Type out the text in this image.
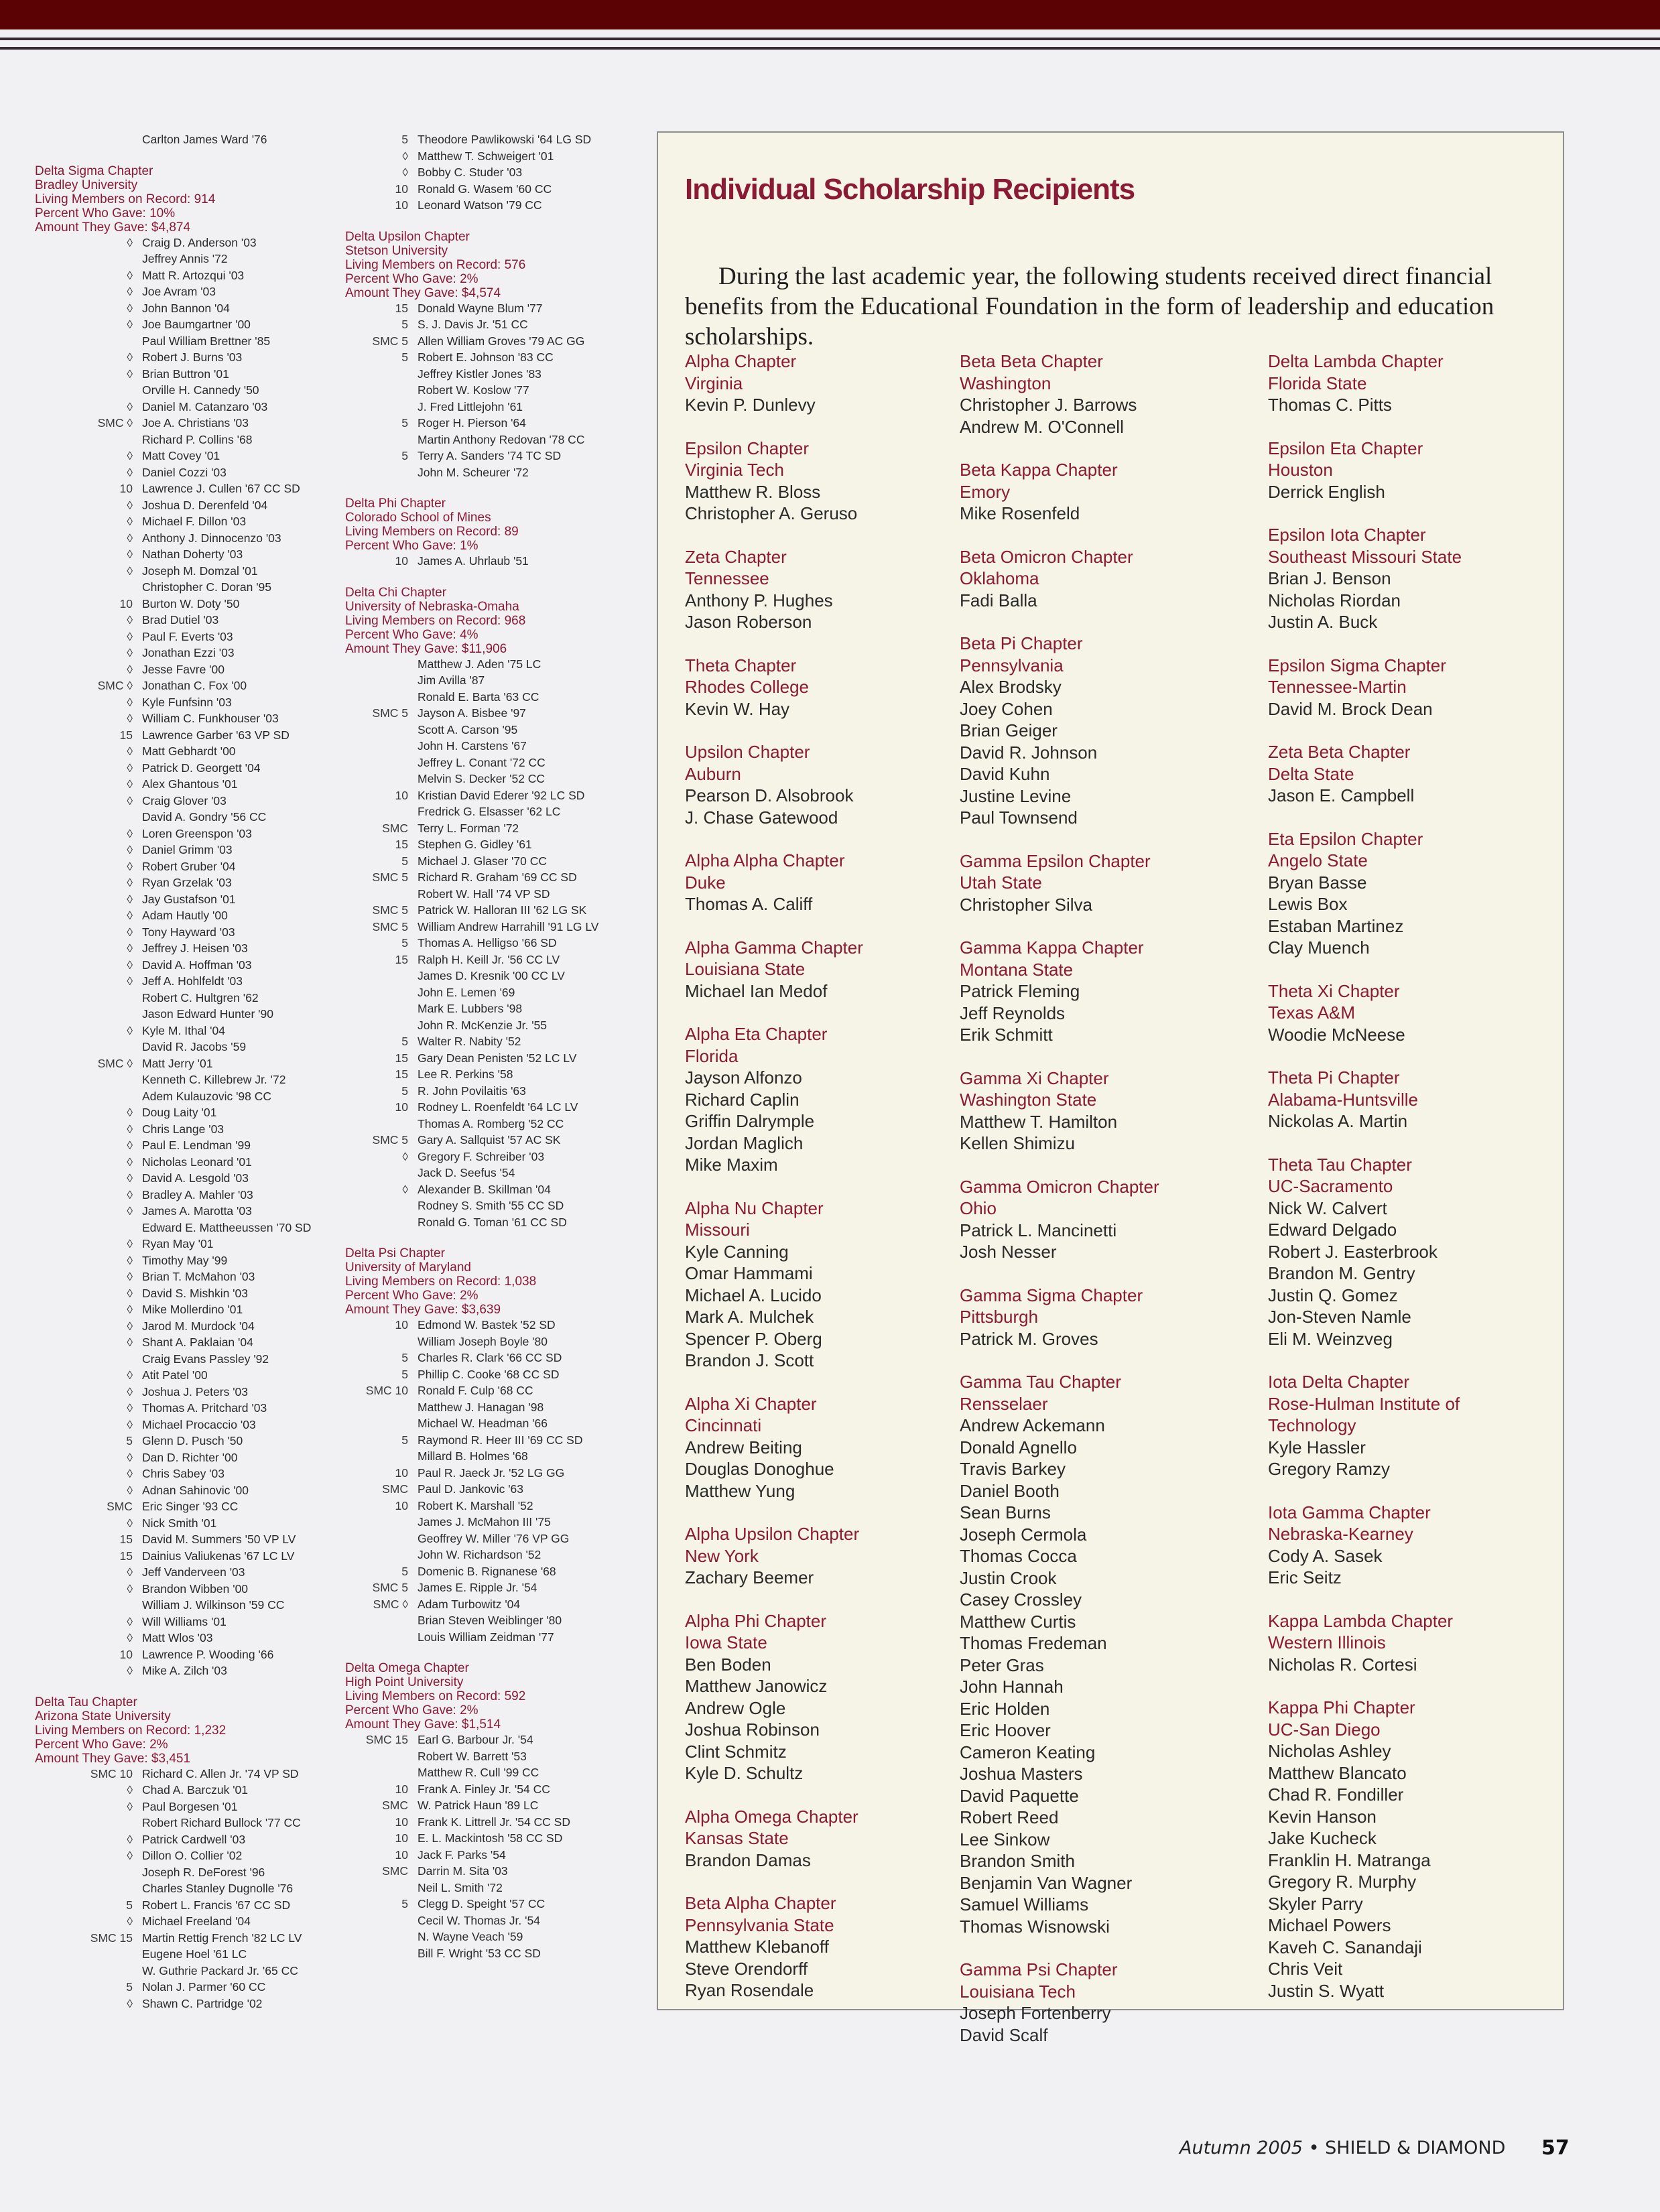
Carlton James Ward '76
Delta Sigma Chapter
Bradley University
Living Members on Record: 914
Percent Who Gave: 10%
Amount They Gave: $4,874
◊ Craig D. Anderson '03
Jeffrey Annis '72
◊ Matt R. Artozqui '03
◊ Joe Avram '03
◊ John Bannon '04
◊ Joe Baumgartner '00
Paul William Brettner '85
◊ Robert J. Burns '03
◊ Brian Buttron '01
Orville H. Cannedy '50
◊ Daniel M. Catanzaro '03
SMC ◊ Joe A. Christians '03
Richard P. Collins '68
◊ Matt Covey '01
◊ Daniel Cozzi '03
10 Lawrence J. Cullen '67 CC SD
◊ Joshua D. Derenfeld '04
◊ Michael F. Dillon '03
◊ Anthony J. Dinnocenzo '03
◊ Nathan Doherty '03
◊ Joseph M. Domzal '01
Christopher C. Doran '95
10 Burton W. Doty '50
◊ Brad Dutiel '03
◊ Paul F. Everts '03
◊ Jonathan Ezzi '03
◊ Jesse Favre '00
SMC ◊ Jonathan C. Fox '00
◊ Kyle Funfsinn '03
◊ William C. Funkhouser '03
15 Lawrence Garber '63 VP SD
◊ Matt Gebhardt '00
◊ Patrick D. Georgett '04
◊ Alex Ghantous '01
◊ Craig Glover '03
David A. Gondry '56 CC
◊ Loren Greenspon '03
◊ Daniel Grimm '03
◊ Robert Gruber '04
◊ Ryan Grzelak '03
◊ Jay Gustafson '01
◊ Adam Hautly '00
◊ Tony Hayward '03
◊ Jeffrey J. Heisen '03
◊ David A. Hoffman '03
◊ Jeff A. Hohlfeldt '03
Robert C. Hultgren '62
Jason Edward Hunter '90
◊ Kyle M. Ithal '04
David R. Jacobs '59
SMC ◊ Matt Jerry '01
Kenneth C. Killebrew Jr. '72
Adem Kulauzovic '98 CC
◊ Doug Laity '01
◊ Chris Lange '03
◊ Paul E. Lendman '99
◊ Nicholas Leonard '01
◊ David A. Lesgold '03
◊ Bradley A. Mahler '03
◊ James A. Marotta '03
Edward E. Mattheeussen '70 SD
◊ Ryan May '01
◊ Timothy May '99
◊ Brian T. McMahon '03
◊ David S. Mishkin '03
◊ Mike Mollerdino '01
◊ Jarod M. Murdock '04
◊ Shant A. Paklaian '04
Craig Evans Passley '92
◊ Atit Patel '00
◊ Joshua J. Peters '03
◊ Thomas A. Pritchard '03
◊ Michael Procaccio '03
5 Glenn D. Pusch '50
◊ Dan D. Richter '00
◊ Chris Sabey '03
◊ Adnan Sahinovic '00
SMC Eric Singer '93 CC
◊ Nick Smith '01
15 David M. Summers '50 VP LV
15 Dainius Valiukenas '67 LC LV
◊ Jeff Vanderveen '03
◊ Brandon Wibben '00
William J. Wilkinson '59 CC
◊ Will Williams '01
◊ Matt Wlos '03
10 Lawrence P. Wooding '66
◊ Mike A. Zilch '03
Delta Tau Chapter
Arizona State University
Living Members on Record: 1,232
Percent Who Gave: 2%
Amount They Gave: $3,451
SMC 10 Richard C. Allen Jr. '74 VP SD
◊ Chad A. Barczuk '01
◊ Paul Borgesen '01
Robert Richard Bullock '77 CC
◊ Patrick Cardwell '03
◊ Dillon O. Collier '02
Joseph R. DeForest '96
Charles Stanley Dugnolle '76
5 Robert L. Francis '67 CC SD
◊ Michael Freeland '04
SMC 15 Martin Rettig French '82 LC LV
Eugene Hoel '61 LC
W. Guthrie Packard Jr. '65 CC
5 Nolan J. Parmer '60 CC
◊ Shawn C. Partridge '02
5 Theodore Pawlikowski '64 LG SD
◊ Matthew T. Schweigert '01
◊ Bobby C. Studer '03
10 Ronald G. Wasem '60 CC
10 Leonard Watson '79 CC
Delta Upsilon Chapter
Stetson University
Living Members on Record: 576
Percent Who Gave: 2%
Amount They Gave: $4,574
15 Donald Wayne Blum '77
5 S. J. Davis Jr. '51 CC
SMC 5 Allen William Groves '79 AC GG
5 Robert E. Johnson '83 CC
Jeffrey Kistler Jones '83
Robert W. Koslow '77
J. Fred Littlejohn '61
5 Roger H. Pierson '64
Martin Anthony Redovan '78 CC
5 Terry A. Sanders '74 TC SD
John M. Scheurer '72
Delta Phi Chapter
Colorado School of Mines
Living Members on Record: 89
Percent Who Gave: 1%
10 James A. Uhrlaub '51
Delta Chi Chapter
University of Nebraska-Omaha
Living Members on Record: 968
Percent Who Gave: 4%
Amount They Gave: $11,906
Matthew J. Aden '75 LC
Jim Avilla '87
Ronald E. Barta '63 CC
SMC 5 Jayson A. Bisbee '97
Scott A. Carson '95
John H. Carstens '67
Jeffrey L. Conant '72 CC
Melvin S. Decker '52 CC
10 Kristian David Ederer '92 LC SD
Fredrick G. Elsasser '62 LC
SMC Terry L. Forman '72
15 Stephen G. Gidley '61
5 Michael J. Glaser '70 CC
SMC 5 Richard R. Graham '69 CC SD
Robert W. Hall '74 VP SD
SMC 5 Patrick W. Halloran III '62 LG SK
SMC 5 William Andrew Harrahill '91 LG LV
5 Thomas A. Helligso '66 SD
15 Ralph H. Keill Jr. '56 CC LV
James D. Kresnik '00 CC LV
John E. Lemen '69
Mark E. Lubbers '98
John R. McKenzie Jr. '55
5 Walter R. Nabity '52
15 Gary Dean Penisten '52 LC LV
15 Lee R. Perkins '58
5 R. John Povilaitis '63
10 Rodney L. Roenfeldt '64 LC LV
Thomas A. Romberg '52 CC
SMC 5 Gary A. Sallquist '57 AC SK
◊ Gregory F. Schreiber '03
Jack D. Seefus '54
◊ Alexander B. Skillman '04
Rodney S. Smith '55 CC SD
Ronald G. Toman '61 CC SD
Delta Psi Chapter
University of Maryland
Living Members on Record: 1,038
Percent Who Gave: 2%
Amount They Gave: $3,639
10 Edmond W. Bastek '52 SD
William Joseph Boyle '80
5 Charles R. Clark '66 CC SD
5 Phillip C. Cooke '68 CC SD
SMC 10 Ronald F. Culp '68 CC
Matthew J. Hanagan '98
Michael W. Headman '66
5 Raymond R. Heer III '69 CC SD
Millard B. Holmes '68
10 Paul R. Jaeck Jr. '52 LG GG
SMC Paul D. Jankovic '63
10 Robert K. Marshall '52
James J. McMahon III '75
Geoffrey W. Miller '76 VP GG
John W. Richardson '52
5 Domenic B. Rignanese '68
SMC 5 James E. Ripple Jr. '54
SMC ◊ Adam Turbowitz '04
Brian Steven Weiblinger '80
Louis William Zeidman '77
Delta Omega Chapter
High Point University
Living Members on Record: 592
Percent Who Gave: 2%
Amount They Gave: $1,514
SMC 15 Earl G. Barbour Jr. '54
Robert W. Barrett '53
Matthew R. Cull '99 CC
10 Frank A. Finley Jr. '54 CC
SMC W. Patrick Haun '89 LC
10 Frank K. Littrell Jr. '54 CC SD
10 E. L. Mackintosh '58 CC SD
10 Jack F. Parks '54
SMC Darrin M. Sita '03
Neil L. Smith '72
5 Clegg D. Speight '57 CC
Cecil W. Thomas Jr. '54
N. Wayne Veach '59
Bill F. Wright '53 CC SD
Individual Scholarship Recipients

During the last academic year, the following students received direct financial benefits from the Educational Foundation in the form of leadership and education scholarships.

Alpha Chapter
Virginia
Kevin P. Dunlevy
Epsilon Chapter
Virginia Tech
Matthew R. Bloss
Christopher A. Geruso
Zeta Chapter
Tennessee
Anthony P. Hughes
Jason Roberson
Theta Chapter
Rhodes College
Kevin W. Hay
Upsilon Chapter
Auburn
Pearson D. Alsobrook
J. Chase Gatewood
Alpha Alpha Chapter
Duke
Thomas A. Califf
Alpha Gamma Chapter
Louisiana State
Michael Ian Medof
Alpha Eta Chapter
Florida
Jayson Alfonzo
Richard Caplin
Griffin Dalrymple
Jordan Maglich
Mike Maxim
Alpha Nu Chapter
Missouri
Kyle Canning
Omar Hammami
Michael A. Lucido
Mark A. Mulchek
Spencer P. Oberg
Brandon J. Scott
Alpha Xi Chapter
Cincinnati
Andrew Beiting
Douglas Donoghue
Matthew Yung
Alpha Upsilon Chapter
New York
Zachary Beemer
Alpha Phi Chapter
Iowa State
Ben Boden
Matthew Janowicz
Andrew Ogle
Joshua Robinson
Clint Schmitz
Kyle D. Schultz
Alpha Omega Chapter
Kansas State
Brandon Damas
Beta Alpha Chapter
Pennsylvania State
Matthew Klebanoff
Steve Orendorff
Ryan Rosendale
Beta Beta Chapter
Washington
Christopher J. Barrows
Andrew M. O'Connell
Beta Kappa Chapter
Emory
Mike Rosenfeld
Beta Omicron Chapter
Oklahoma
Fadi Balla
Beta Pi Chapter
Pennsylvania
Alex Brodsky
Joey Cohen
Brian Geiger
David R. Johnson
David Kuhn
Justine Levine
Paul Townsend
Gamma Epsilon Chapter
Utah State
Christopher Silva
Gamma Kappa Chapter
Montana State
Patrick Fleming
Jeff Reynolds
Erik Schmitt
Gamma Xi Chapter
Washington State
Matthew T. Hamilton
Kellen Shimizu
Gamma Omicron Chapter
Ohio
Patrick L. Mancinetti
Josh Nesser
Gamma Sigma Chapter
Pittsburgh
Patrick M. Groves
Gamma Tau Chapter
Rensselaer
Andrew Ackemann
Donald Agnello
Travis Barkey
Daniel Booth
Sean Burns
Joseph Cermola
Thomas Cocca
Justin Crook
Casey Crossley
Matthew Curtis
Thomas Fredeman
Peter Gras
John Hannah
Eric Holden
Eric Hoover
Cameron Keating
Joshua Masters
David Paquette
Robert Reed
Lee Sinkow
Brandon Smith
Benjamin Van Wagner
Samuel Williams
Thomas Wisnowski
Gamma Psi Chapter
Louisiana Tech
Joseph Fortenberry
David Scalf
Delta Lambda Chapter
Florida State
Thomas C. Pitts
Epsilon Eta Chapter
Houston
Derrick English
Epsilon Iota Chapter
Southeast Missouri State
Brian J. Benson
Nicholas Riordan
Justin A. Buck
Epsilon Sigma Chapter
Tennessee-Martin
David M. Brock Dean
Zeta Beta Chapter
Delta State
Jason E. Campbell
Eta Epsilon Chapter
Angelo State
Bryan Basse
Lewis Box
Estaban Martinez
Clay Muench
Theta Xi Chapter
Texas A&M
Woodie McNeese
Theta Pi Chapter
Alabama-Huntsville
Nickolas A. Martin
Theta Tau Chapter
UC-Sacramento
Nick W. Calvert
Edward Delgado
Robert J. Easterbrook
Brandon M. Gentry
Justin Q. Gomez
Jon-Steven Namle
Eli M. Weinzveg
Iota Delta Chapter
Rose-Hulman Institute of Technology
Kyle Hassler
Gregory Ramzy
Iota Gamma Chapter
Nebraska-Kearney
Cody A. Sasek
Eric Seitz
Kappa Lambda Chapter
Western Illinois
Nicholas R. Cortesi
Kappa Phi Chapter
UC-San Diego
Nicholas Ashley
Matthew Blancato
Chad R. Fondiller
Kevin Hanson
Jake Kucheck
Franklin H. Matranga
Gregory R. Murphy
Skyler Parry
Michael Powers
Kaveh C. Sanandaji
Chris Veit
Justin S. Wyatt
Autumn 2005 • SHIELD & DIAMOND 57
